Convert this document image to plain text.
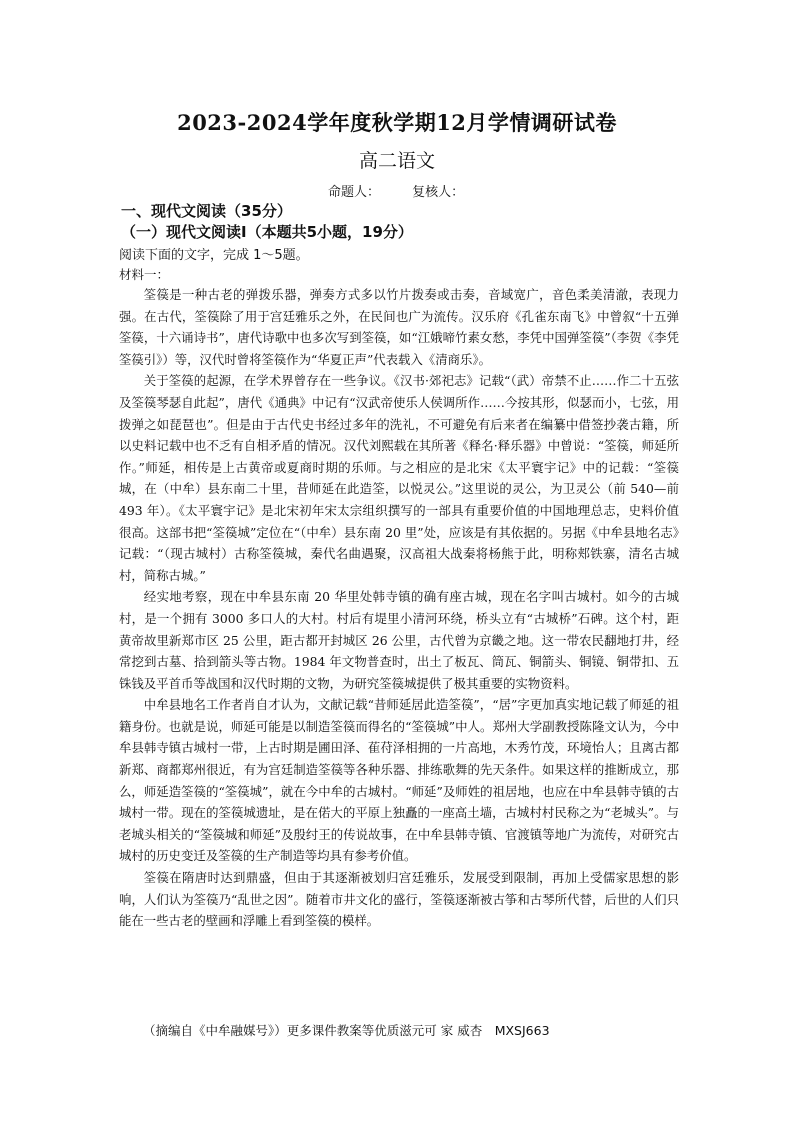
2023-2024学年度秋学期12月学情调研试卷
高二语文
命题人： 复核人：
一、现代文阅读（35分）
（一）现代文阅读Ⅰ（本题共5小题，19分）
阅读下面的文字，完成 1～5题。
材料一：

筌篌是一种古老的弹拨乐器，弹奏方式多以竹片拨奏或击奏，音域宽广，音色柔美清澈，表现力强。在古代，筌篌除了用于宫廷雅乐之外，在民间也广为流传。汉乐府《孔雀东南飞》中曾叙“十五弹筌篌，十六诵诗书”，唐代诗歌中也多次写到筌篌，如“江娥啼竹素女愁，李凭中国弹筌篌”（李贺《李凭筌篌引》）等，汉代时曾将筌篌作为“华夏正声”代表载入《清商乐》。

关于筌篌的起源，在学术界曾存在一些争议。《汉书·郊祀志》记载“（武）帝禁不止……作二十五弦及筌篌琴瑟自此起”，唐代《通典》中记有“汉武帝使乐人侯调所作……今按其形，似瑟而小，七弦，用拨弹之如琵琶也”。但是由于古代史书经过多年的洗礼，不可避免有后来者在编纂中借签抄袭古籍，所以史料记载中也不乏有自相矛盾的情况。汉代刘熙载在其所著《释名·释乐器》中曾说：“筌篌，师延所作。”师延，相传是上古黄帝或夏商时期的乐师。与之相应的是北宋《太平寰宇记》中的记载：“筌篌城，在（中牟）县东南二十里，昔师延在此造筌，以悦灵公。”这里说的灵公，为卫灵公（前 540—前 493 年）。《太平寰宇记》是北宋初年宋太宗组织撰写的一部具有重要价值的中国地理总志，史料价值很高。这部书把“筌篌城”定位在“（中牟）县东南 20 里”处，应该是有其依据的。另据《中牟县地名志》记载：“（现古城村）古称筌篌城，秦代名曲遇聚，汉高祖大战秦将杨熊于此，明称郏铁寨，清名古城村，简称古城。”

经实地考察，现在中牟县东南 20 华里处韩寺镇的确有座古城，现在名字叫古城村。如今的古城村，是一个拥有 3000 多口人的大村。村后有堤里小清河环绕，桥头立有“古城桥”石碑。这个村，距黄帝故里新郑市区 25 公里，距古都开封城区 26 公里，古代曾为京畿之地。这一带农民翻地打井，经常挖到古墓、拾到箭头等古物。1984 年文物普查时，出土了板瓦、筒瓦、铜箭头、铜镜、铜带扣、五铢钱及平首币等战国和汉代时期的文物，为研究筌篌城提供了极其重要的实物资料。

中牟县地名工作者肖自才认为，文献记载“昔师延居此造筌篌”，“居”字更加真实地记载了师延的祖籍身份。也就是说，师延可能是以制造筌篌而得名的“筌篌城”中人。郑州大学副教授陈隆文认为，今中牟县韩寺镇古城村一带，上古时期是圃田泽、萑苻泽相拥的一片高地，木秀竹茂，环境怡人；且离古都新郑、商都郑州很近，有为宫廷制造筌篌等各种乐器、排练歌舞的先天条件。如果这样的推断成立，那么，师延造筌篌的“筌篌城”，就在今中牟的古城村。“师延”及师姓的祖居地，也应在中牟县韩寺镇的古城村一带。现在的筌篌城遗址，是在偌大的平原上独矗的一座高土墙，古城村村民称之为“老城头”。与老城头相关的“筌篌城和师延”及殷纣王的传说故事，在中牟县韩寺镇、官渡镇等地广为流传，对研究古城村的历史变迁及筌篌的生产制造等均具有参考价值。

筌篌在隋唐时达到鼎盛，但由于其逐渐被划归宫廷雅乐，发展受到限制，再加上受儒家思想的影响，人们认为筌篌乃“乱世之因”。随着市井文化的盛行，筌篌逐渐被古筝和古琴所代替，后世的人们只能在一些古老的壁画和浮雕上看到筌篌的模样。

（摘编自《中牟融媒号》）更多课件教案等优质滋元可 家 威杏　MXSJ663
